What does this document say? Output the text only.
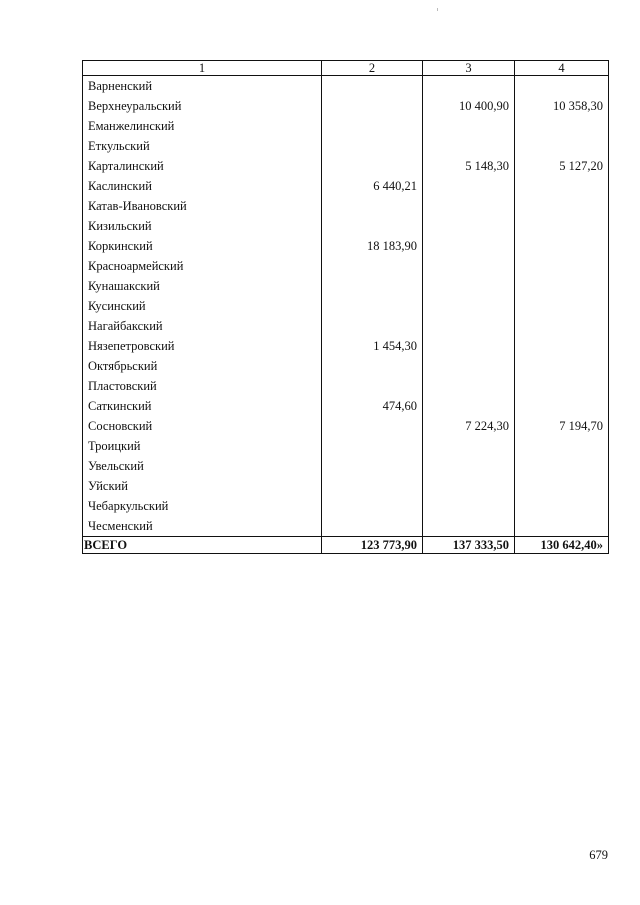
1	2	3	4
Варненский			
Верхнеуральский		10 400,90	10 358,30
Еманжелинский			
Еткульский			
Карталинский		5 148,30	5 127,20
Каслинский	6 440,21		
Катав-Ивановский			
Кизильский			
Коркинский	18 183,90		
Красноармейский			
Кунашакский			
Кусинский			
Нагайбакский			
Нязепетровский	1 454,30		
Октябрьский			
Пластовский			
Саткинский	474,60		
Сосновский		7 224,30	7 194,70
Троицкий			
Увельский			
Уйский			
Чебаркульский			
Чесменский			
ВСЕГО	123 773,90	137 333,50	130 642,40»
679
